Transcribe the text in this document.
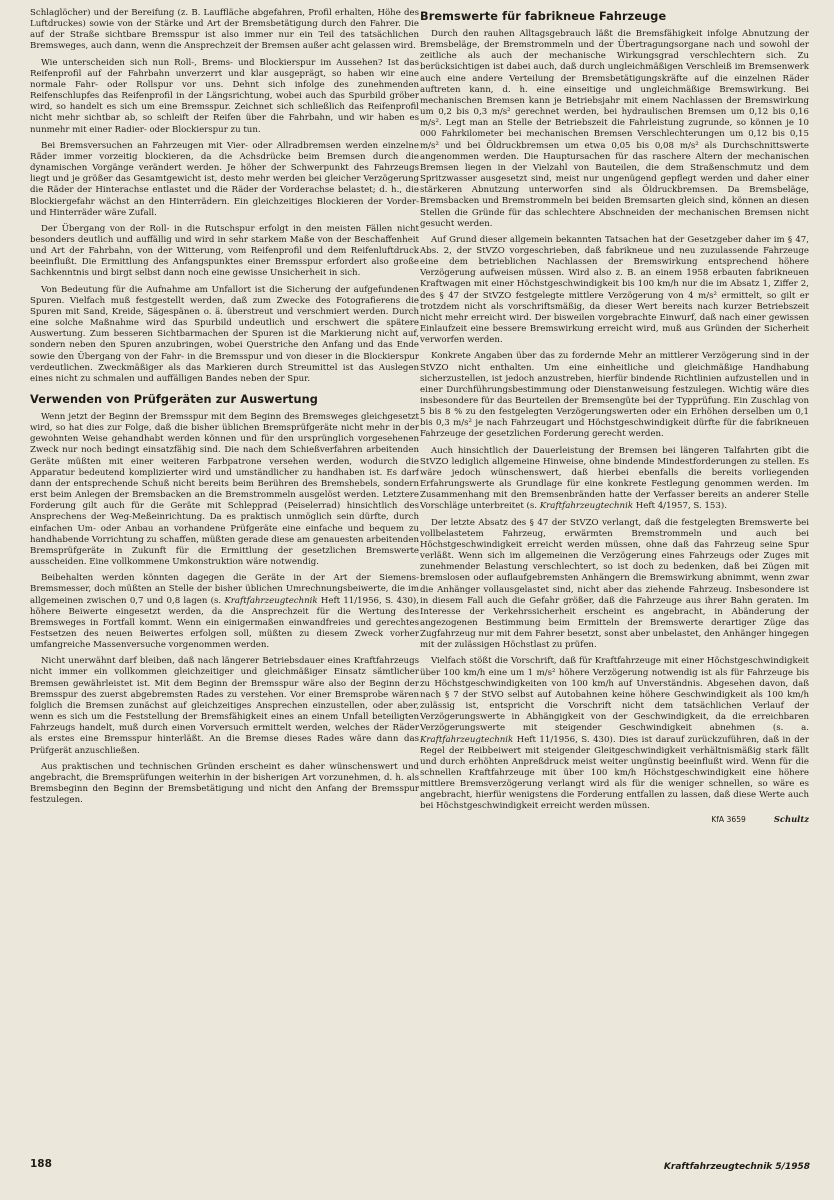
Schlaglöcher) und der Bereifung (z. B. Lauffläche abgefahren, Profil erhalten, Höhe des Luftdruckes) sowie von der Stärke und Art der Bremsbetätigung durch den Fahrer. Die auf der Straße sichtbare Bremsspur ist also immer nur ein Teil des tatsächlichen Bremsweges, auch dann, wenn die Ansprechzeit der Bremsen außer acht gelassen wird.

Wie unterscheiden sich nun Roll-, Brems- und Blockierspur im Aussehen? Ist das Reifenprofil auf der Fahrbahn unverzerrt und klar ausgeprägt, so haben wir eine normale Fahr- oder Rollspur vor uns. Dehnt sich infolge des zunehmenden Reifenschlupfes das Reifenprofil in der Längsrichtung, wobei auch das Spurbild gröber wird, so handelt es sich um eine Bremsspur. Zeichnet sich schließlich das Reifenprofil nicht mehr sichtbar ab, so schleift der Reifen über die Fahrbahn, und wir haben es nunmehr mit einer Radier- oder Blockierspur zu tun.

Bei Bremsversuchen an Fahrzeugen mit Vier- oder Allradbremsen werden einzelne Räder immer vorzeitig blockieren, da die Achsdrücke beim Bremsen durch die dynamischen Vorgänge verändert werden. Je höher der Schwerpunkt des Fahrzeugs liegt und je größer das Gesamtgewicht ist, desto mehr werden bei gleicher Verzögerung die Räder der Hinterachse entlastet und die Räder der Vorderachse belastet; d. h., die Blockiergefahr wächst an den Hinterrädern. Ein gleichzeitiges Blockieren der Vorder- und Hinterräder wäre Zufall.

Der Übergang von der Roll- in die Rutschspur erfolgt in den meisten Fällen nicht besonders deutlich und auffällig und wird in sehr starkem Maße von der Beschaffenheit und Art der Fahrbahn, von der Witterung, vom Reifenprofil und dem Reifenluftdruck beeinflußt. Die Ermittlung des Anfangspunktes einer Bremsspur erfordert also große Sachkenntnis und birgt selbst dann noch eine gewisse Unsicherheit in sich.

Von Bedeutung für die Aufnahme am Unfallort ist die Sicherung der aufgefundenen Spuren. Vielfach muß festgestellt werden, daß zum Zwecke des Fotografierens die Spuren mit Sand, Kreide, Sägespänen o. ä. überstreut und verschmiert werden. Durch eine solche Maßnahme wird das Spurbild undeutlich und erschwert die spätere Auswertung. Zum besseren Sichtbarmachen der Spuren ist die Markierung nicht auf, sondern neben den Spuren anzubringen, wobei Querstriche den Anfang und das Ende sowie den Übergang von der Fahr- in die Bremsspur und von dieser in die Blockierspur verdeutlichen. Zweckmäßiger als das Markieren durch Streumittel ist das Auslegen eines nicht zu schmalen und auffälligen Bandes neben der Spur.

Verwenden von Prüfgeräten zur Auswertung

Wenn jetzt der Beginn der Bremsspur mit dem Beginn des Bremsweges gleichgesetzt wird, so hat dies zur Folge, daß die bisher üblichen Bremsprüfgeräte nicht mehr in der gewohnten Weise gehandhabt werden können und für den ursprünglich vorgesehenen Zweck nur noch bedingt einsatzfähig sind. Die nach dem Schießverfahren arbeitenden Geräte müßten mit einer weiteren Farbpatrone versehen werden, wodurch die Apparatur bedeutend komplizierter wird und umständlicher zu handhaben ist. Es darf dann der entsprechende Schuß nicht bereits beim Berühren des Bremshebels, sondern erst beim Anlegen der Bremsbacken an die Bremstrommeln ausgelöst werden. Letztere Forderung gilt auch für die Geräte mit Schlepprad (Peiselerrad) hinsichtlich des Ansprechens der Weg-Meßeinrichtung. Da es praktisch unmöglich sein dürfte, durch einfachen Um- oder Anbau an vorhandene Prüfgeräte eine einfache und bequem zu handhabende Vorrichtung zu schaffen, müßten gerade diese am genauesten arbeitenden Bremsprüfgeräte in Zukunft für die Ermittlung der gesetzlichen Bremswerte ausscheiden. Eine vollkommene Umkonstruktion wäre notwendig.

Beibehalten werden könnten dagegen die Geräte in der Art der Siemens-Bremsmesser, doch müßten an Stelle der bisher üblichen Umrechnungsbeiwerte, die im allgemeinen zwischen 0,7 und 0,8 lagen (s. Kraftfahrzeugtechnik Heft 11/1956, S. 430), höhere Beiwerte eingesetzt werden, da die Ansprechzeit für die Wertung des Bremsweges in Fortfall kommt. Wenn ein einigermaßen einwandfreies und gerechtes Festsetzen des neuen Beiwertes erfolgen soll, müßten zu diesem Zweck vorher umfangreiche Massenversuche vorgenommen werden.

Nicht unerwähnt darf bleiben, daß nach längerer Betriebsdauer eines Kraftfahrzeugs nicht immer ein vollkommen gleichzeitiger und gleichmäßiger Einsatz sämtlicher Bremsen gewährleistet ist. Mit dem Beginn der Bremsspur wäre also der Beginn der Bremsspur des zuerst abgebremsten Rades zu verstehen. Vor einer Bremsprobe wären folglich die Bremsen zunächst auf gleichzeitiges Ansprechen einzustellen, oder aber, wenn es sich um die Feststellung der Bremsfähigkeit eines an einem Unfall beteiligten Fahrzeugs handelt, muß durch einen Vorversuch ermittelt werden, welches der Räder als erstes eine Bremsspur hinterläßt. An die Bremse dieses Rades wäre dann das Prüfgerät anzuschließen.

Aus praktischen und technischen Gründen erscheint es daher wünschenswert und angebracht, die Bremsprüfungen weiterhin in der bisherigen Art vorzunehmen, d. h. als Bremsbeginn den Beginn der Bremsbetätigung und nicht den Anfang der Bremsspur festzulegen.

Bremswerte für fabrikneue Fahrzeuge

Durch den rauhen Alltagsgebrauch läßt die Bremsfähigkeit infolge Abnutzung der Bremsbeläge, der Bremstrommeln und der Übertragungsorgane nach und sowohl der zeitliche als auch der mechanische Wirkungsgrad verschlechtern sich. Zu berücksichtigen ist dabei auch, daß durch ungleichmäßigen Verschleiß im Bremsenwerk auch eine andere Verteilung der Bremsbetätigungskräfte auf die einzelnen Räder auftreten kann, d. h. eine einseitige und ungleichmäßige Bremswirkung. Bei mechanischen Bremsen kann je Betriebsjahr mit einem Nachlassen der Bremswirkung um 0,2 bis 0,3 m/s² gerechnet werden, bei hydraulischen Bremsen um 0,12 bis 0,16 m/s². Legt man an Stelle der Betriebszeit die Fahrleistung zugrunde, so können je 10 000 Fahrkilometer bei mechanischen Bremsen Verschlechterungen um 0,12 bis 0,15 m/s² und bei Öldruckbremsen um etwa 0,05 bis 0,08 m/s² als Durchschnittswerte angenommen werden. Die Hauptursachen für das raschere Altern der mechanischen Bremsen liegen in der Vielzahl von Bauteilen, die dem Straßenschmutz und dem Spritzwasser ausgesetzt sind, meist nur ungenügend gepflegt werden und daher einer stärkeren Abnutzung unterworfen sind als Öldruckbremsen. Da Bremsbeläge, Bremsbacken und Bremstrommeln bei beiden Bremsarten gleich sind, können an diesen Stellen die Gründe für das schlechtere Abschneiden der mechanischen Bremsen nicht gesucht werden.

Auf Grund dieser allgemein bekannten Tatsachen hat der Gesetzgeber daher im § 47, Abs. 2, der StVZO vorgeschrieben, daß fabrikneue und neu zuzulassende Fahrzeuge eine dem betrieblichen Nachlassen der Bremswirkung entsprechend höhere Verzögerung aufweisen müssen. Wird also z. B. an einem 1958 erbauten fabrikneuen Kraftwagen mit einer Höchstgeschwindigkeit bis 100 km/h nur die im Absatz 1, Ziffer 2, des § 47 der StVZO festgelegte mittlere Verzögerung von 4 m/s² ermittelt, so gilt er trotzdem nicht als vorschriftsmäßig, da dieser Wert bereits nach kurzer Betriebszeit nicht mehr erreicht wird. Der bisweilen vorgebrachte Einwurf, daß nach einer gewissen Einlaufzeit eine bessere Bremswirkung erreicht wird, muß aus Gründen der Sicherheit verworfen werden.

Konkrete Angaben über das zu fordernde Mehr an mittlerer Verzögerung sind in der StVZO nicht enthalten. Um eine einheitliche und gleichmäßige Handhabung sicherzustellen, ist jedoch anzustreben, hierfür bindende Richtlinien aufzustellen und in einer Durchführungsbestimmung oder Dienstanweisung festzulegen. Wichtig wäre dies insbesondere für das Beurteilen der Bremsengüte bei der Typprüfung. Ein Zuschlag von 5 bis 8 % zu den festgelegten Verzögerungswerten oder ein Erhöhen derselben um 0,1 bis 0,3 m/s² je nach Fahrzeugart und Höchstgeschwindigkeit dürfte für die fabrikneuen Fahrzeuge der gesetzlichen Forderung gerecht werden.

Auch hinsichtlich der Dauerleistung der Bremsen bei längeren Talfahrten gibt die StVZO lediglich allgemeine Hinweise, ohne bindende Mindestforderungen zu stellen. Es wäre jedoch wünschenswert, daß hierbei ebenfalls die bereits vorliegenden Erfahrungswerte als Grundlage für eine konkrete Festlegung genommen werden. Im Zusammenhang mit den Bremsenbränden hatte der Verfasser bereits an anderer Stelle Vorschläge unterbreitet (s. Kraftfahrzeugtechnik Heft 4/1957, S. 153).

Der letzte Absatz des § 47 der StVZO verlangt, daß die festgelegten Bremswerte bei vollbelastetem Fahrzeug, erwärmten Bremstrommeln und auch bei Höchstgeschwindigkeit erreicht werden müssen, ohne daß das Fahrzeug seine Spur verläßt. Wenn sich im allgemeinen die Verzögerung eines Fahrzeugs oder Zuges mit zunehmender Belastung verschlechtert, so ist doch zu bedenken, daß bei Zügen mit bremslosen oder auflaufgebremsten Anhängern die Bremswirkung abnimmt, wenn zwar die Anhänger vollausgelastet sind, nicht aber das ziehende Fahrzeug. Insbesondere ist in diesem Fall auch die Gefahr größer, daß die Fahrzeuge aus ihrer Bahn geraten. Im Interesse der Verkehrssicherheit erscheint es angebracht, in Abänderung der angezogenen Bestimmung beim Ermitteln der Bremswerte derartiger Züge das Zugfahrzeug nur mit dem Fahrer besetzt, sonst aber unbelastet, den Anhänger hingegen mit der zulässigen Höchstlast zu prüfen.

Vielfach stößt die Vorschrift, daß für Kraftfahrzeuge mit einer Höchstgeschwindigkeit über 100 km/h eine um 1 m/s² höhere Verzögerung notwendig ist als für Fahrzeuge bis zu Höchstgeschwindigkeiten von 100 km/h auf Unverständnis. Abgesehen davon, daß nach § 7 der StVO selbst auf Autobahnen keine höhere Geschwindigkeit als 100 km/h zulässig ist, entspricht die Vorschrift nicht dem tatsächlichen Verlauf der Verzögerungswerte in Abhängigkeit von der Geschwindigkeit, da die erreichbaren Verzögerungswerte mit steigender Geschwindigkeit abnehmen (s. a. Kraftfahrzeugtechnik Heft 11/1956, S. 430). Dies ist darauf zurückzuführen, daß in der Regel der Reibbeiwert mit steigender Gleitgeschwindigkeit verhältnismäßig stark fällt und durch erhöhten Anpreßdruck meist weiter ungünstig beeinflußt wird. Wenn für die schnellen Kraftfahrzeuge mit über 100 km/h Höchstgeschwindigkeit eine höhere mittlere Bremsverzögerung verlangt wird als für die weniger schnellen, so wäre es angebracht, hierfür wenigstens die Forderung entfallen zu lassen, daß diese Werte auch bei Höchstgeschwindigkeit erreicht werden müssen.

KfA 3659	Schultz
188	Kraftfahrzeugtechnik 5/1958
